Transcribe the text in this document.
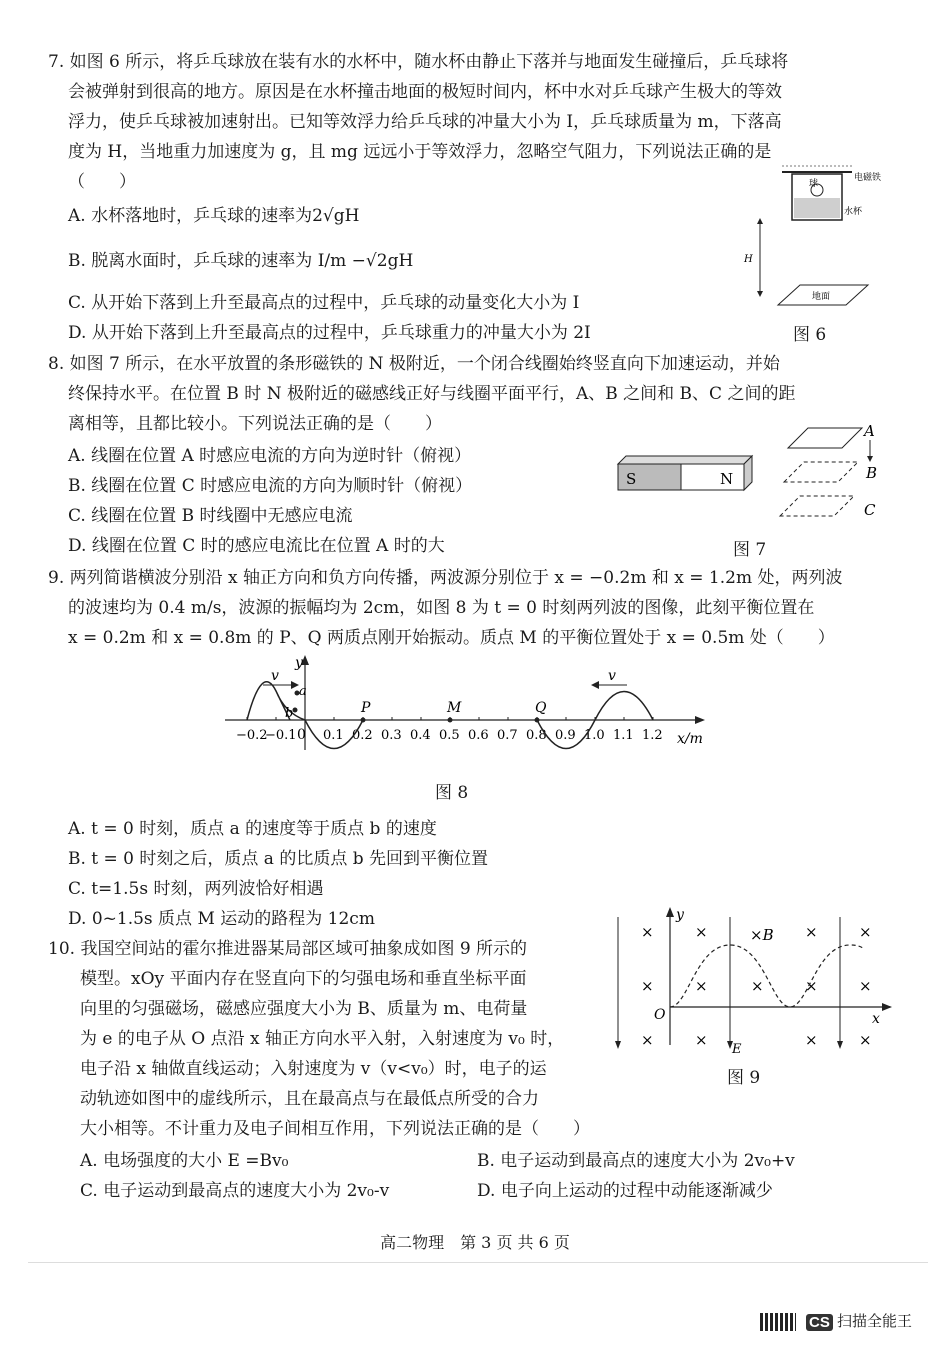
7. 如图 6 所示，将乒乓球放在装有水的水杯中，随水杯由静止下落并与地面发生碰撞后，乒乓球将
会被弹射到很高的地方。原因是在水杯撞击地面的极短时间内，杯中水对乒乓球产生极大的等效
浮力，使乒乓球被加速射出。已知等效浮力给乒乓球的冲量大小为 I，乒乓球质量为 m，下落高
度为 H，当地重力加速度为 g，且 mg 远远小于等效浮力，忽略空气阻力，下列说法正确的是
（　　）
A. 水杯落地时，乒乓球的速率为2√gH
B. 脱离水面时，乒乓球的速率为 I/m −√2gH
C. 从开始下落到上升至最高点的过程中，乒乓球的动量变化大小为 I
D. 从开始下落到上升至最高点的过程中，乒乓球重力的冲量大小为 2I
球
电磁铁
水杯
H
地面
图 6
8. 如图 7 所示，在水平放置的条形磁铁的 N 极附近，一个闭合线圈始终竖直向下加速运动，并始
终保持水平。在位置 B 时 N 极附近的磁感线正好与线圈平面平行，A、B 之间和 B、C 之间的距
离相等，且都比较小。下列说法正确的是（　　）
A. 线圈在位置 A 时感应电流的方向为逆时针（俯视）
B. 线圈在位置 C 时感应电流的方向为顺时针（俯视）
C. 线圈在位置 B 时线圈中无感应电流
D. 线圈在位置 C 时的感应电流比在位置 A 时的大
S	N
A
B
C
图 7
9. 两列简谐横波分别沿 x 轴正方向和负方向传播，两波源分别位于 x = −0.2m 和 x = 1.2m 处，两列波
的波速均为 0.4 m/s，波源的振幅均为 2cm，如图 8 为 t = 0 时刻两列波的图像，此刻平衡位置在
x = 0.2m 和 x = 0.8m 的 P、Q 两质点刚开始振动。质点 M 的平衡位置处于 x = 0.5m 处（　　）
y
x/m
0
−0.2
−0.1 0.1 0.2 0.3 0.4 0.5 0.6 0.7 0.8 0.9 1.0 1.1 1.2
a
b	P	M	Q
v	v
图 8
A. t = 0 时刻，质点 a 的速度等于质点 b 的速度
B. t = 0 时刻之后，质点 a 的比质点 b 先回到平衡位置
C. t=1.5s 时刻，两列波恰好相遇
D. 0~1.5s 质点 M 运动的路程为 12cm
10. 我国空间站的霍尔推进器某局部区域可抽象成如图 9 所示的
模型。xOy 平面内存在竖直向下的匀强电场和垂直坐标平面
向里的匀强磁场，磁感应强度大小为 B、质量为 m、电荷量
为 e 的电子从 O 点沿 x 轴正方向水平入射，入射速度为 v₀ 时，
电子沿 x 轴做直线运动；入射速度为 v（v<v₀）时，电子的运
动轨迹如图中的虚线所示，且在最高点与在最低点所受的合力
大小相等。不计重力及电子间相互作用，下列说法正确的是（　　）
A. 电场强度的大小 E =Bv₀	B. 电子运动到最高点的速度大小为 2v₀+v
C. 电子运动到最高点的速度大小为 2v₀-v	D. 电子向上运动的过程中动能逐渐减少
y
x
O
×	×	×	×
×	×	×	×	×
×	×	×	×
×B
E
图 9
高二物理　第 3 页 共 6 页
CS 扫描全能王
